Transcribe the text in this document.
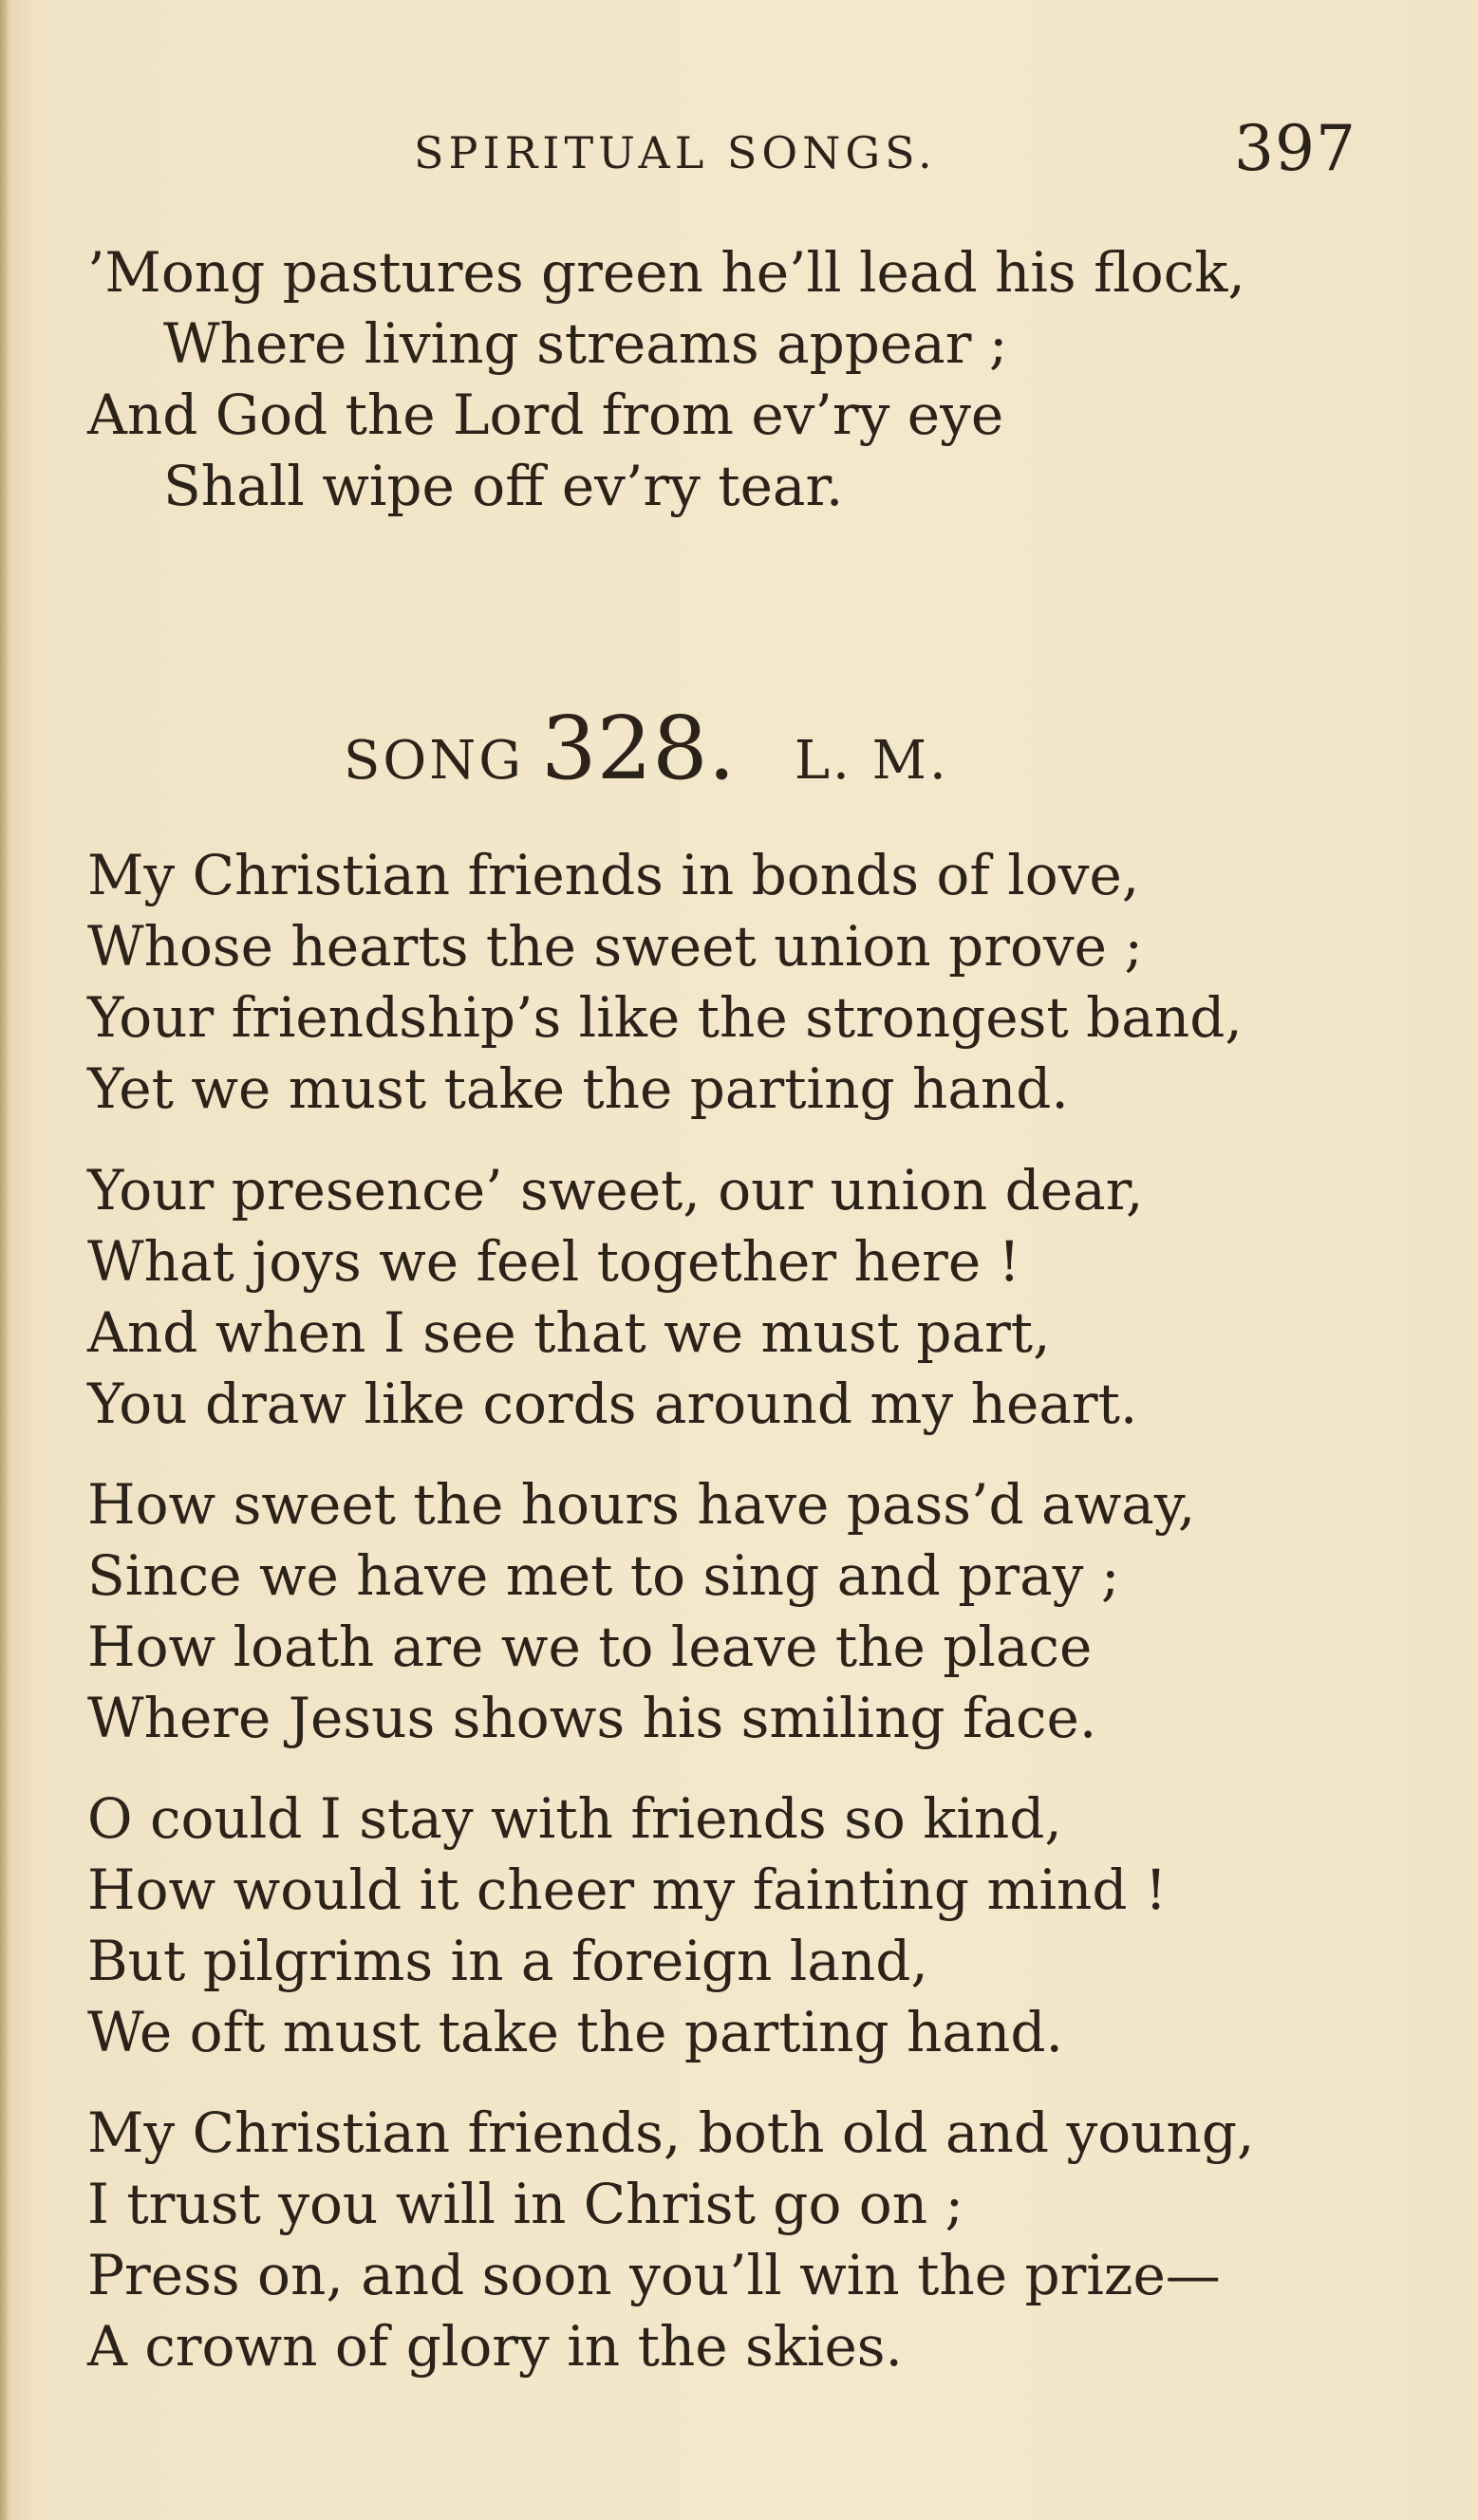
SPIRITUAL SONGS.	397
’Mong pastures green he’ll lead his flock,
Where living streams appear ;
And God the Lord from ev’ry eye
Shall wipe off ev’ry tear.
SONG 328. L. M.
My Christian friends in bonds of love,
Whose hearts the sweet union prove ;
Your friendship’s like the strongest band,
Yet we must take the parting hand.
Your presence’ sweet, our union dear,
What joys we feel together here !
And when I see that we must part,
You draw like cords around my heart.
How sweet the hours have pass’d away,
Since we have met to sing and pray ;
How loath are we to leave the place
Where Jesus shows his smiling face.
O could I stay with friends so kind,
How would it cheer my fainting mind !
But pilgrims in a foreign land,
We oft must take the parting hand.
My Christian friends, both old and young,
I trust you will in Christ go on ;
Press on, and soon you’ll win the prize—
A crown of glory in the skies.
